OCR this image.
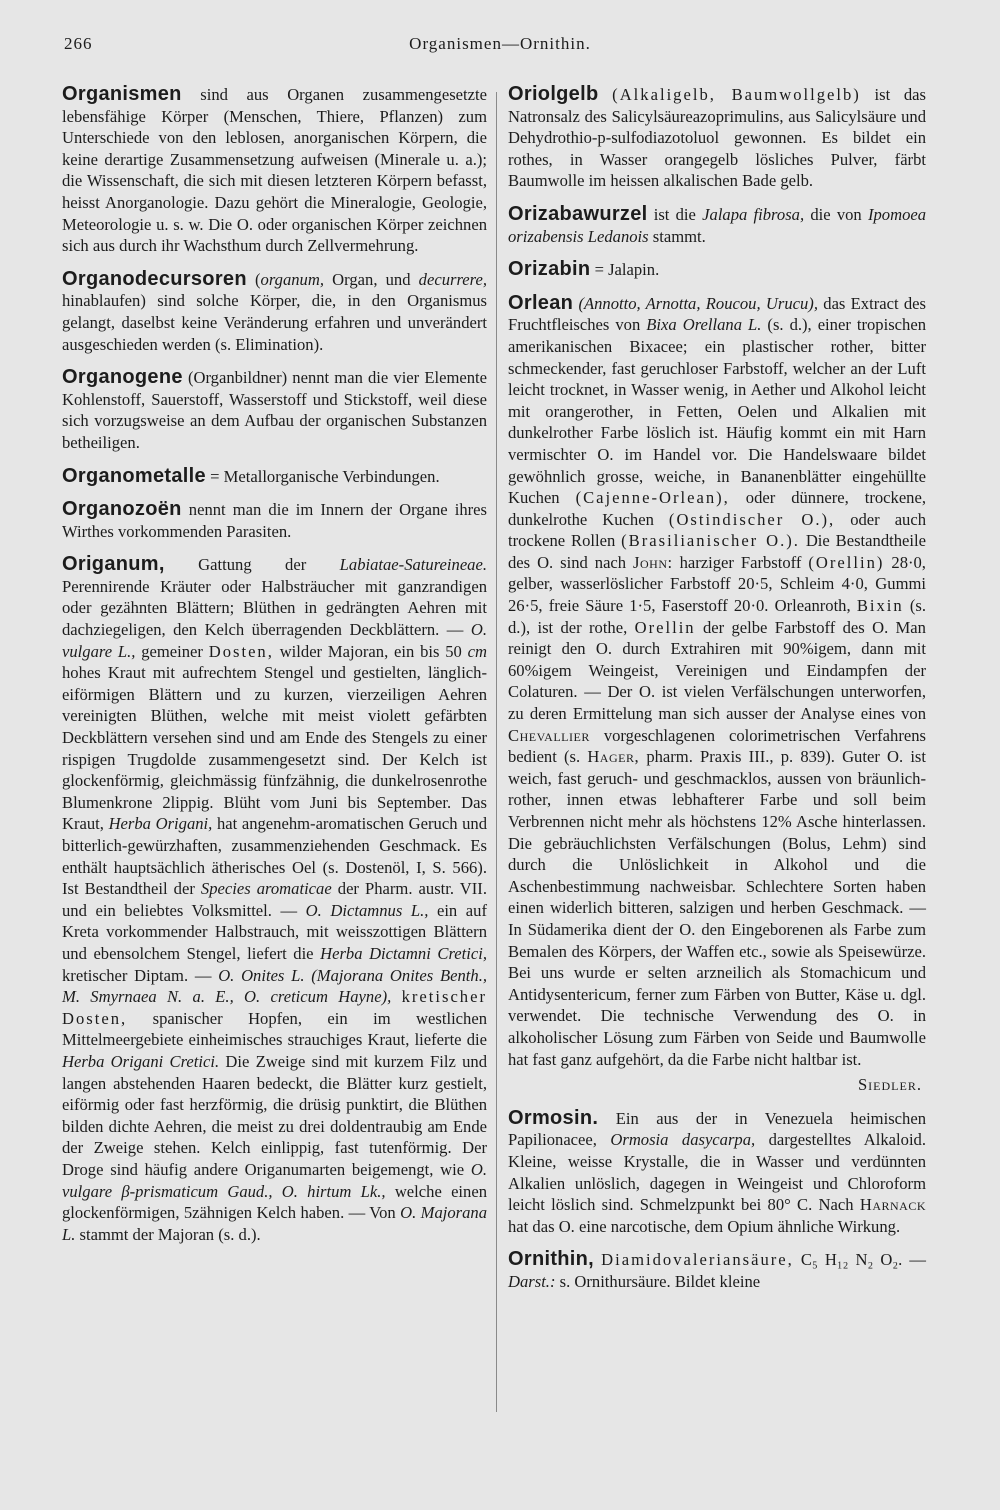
266	Organismen—Ornithin.

Organismen sind aus Organen zusammengesetzte lebensfähige Körper (Menschen, Thiere, Pflanzen) zum Unterschiede von den leblosen, anorganischen Körpern, die keine derartige Zusammensetzung aufweisen (Minerale u. a.); die Wissenschaft, die sich mit diesen letzteren Körpern befasst, heisst Anorganologie. Dazu gehört die Mineralogie, Geologie, Meteorologie u. s. w. Die O. oder organischen Körper zeichnen sich aus durch ihr Wachsthum durch Zellvermehrung.

Organodecursoren (organum, Organ, und decurrere, hinablaufen) sind solche Körper, die, in den Organismus gelangt, daselbst keine Veränderung erfahren und unverändert ausgeschieden werden (s. Elimination).

Organogene (Organbildner) nennt man die vier Elemente Kohlenstoff, Sauerstoff, Wasserstoff und Stickstoff, weil diese sich vorzugsweise an dem Aufbau der organischen Substanzen betheiligen.

Organometalle = Metallorganische Verbindungen.

Organozoën nennt man die im Innern der Organe ihres Wirthes vorkommenden Parasiten.

Origanum, Gattung der Labiatae-Satureineae. Perennirende Kräuter oder Halbsträucher mit ganzrandigen oder gezähnten Blättern; Blüthen in gedrängten Aehren mit dachziegeligen, den Kelch überragenden Deckblättern. — O. vulgare L., gemeiner Dosten, wilder Majoran, ein bis 50 cm hohes Kraut mit aufrechtem Stengel und gestielten, länglich-eiförmigen Blättern und zu kurzen, vierzeiligen Aehren vereinigten Blüthen, welche mit meist violett gefärbten Deckblättern versehen sind und am Ende des Stengels zu einer rispigen Trugdolde zusammengesetzt sind. Der Kelch ist glockenförmig, gleichmässig fünfzähnig, die dunkelrosenrothe Blumenkrone 2lippig. Blüht vom Juni bis September. Das Kraut, Herba Origani, hat angenehm-aromatischen Geruch und bitterlich-gewürzhaften, zusammenziehenden Geschmack. Es enthält hauptsächlich ätherisches Oel (s. Dostenöl, I, S. 566). Ist Bestandtheil der Species aromaticae der Pharm. austr. VII. und ein beliebtes Volksmittel. — O. Dictamnus L., ein auf Kreta vorkommender Halbstrauch, mit weisszottigen Blättern und ebensolchem Stengel, liefert die Herba Dictamni Cretici, kretischer Diptam. — O. Onites L. (Majorana Onites Benth., M. Smyrnaea N. a. E., O. creticum Hayne), kretischer Dosten, spanischer Hopfen, ein im westlichen Mittelmeergebiete einheimisches strauchiges Kraut, lieferte die Herba Origani Cretici. Die Zweige sind mit kurzem Filz und langen abstehenden Haaren bedeckt, die Blätter kurz gestielt, eiförmig oder fast herzförmig, die drüsig punktirt, die Blüthen bilden dichte Aehren, die meist zu drei doldentraubig am Ende der Zweige stehen. Kelch einlippig, fast tutenförmig. Der Droge sind häufig andere Origanumarten beigemengt, wie O. vulgare β-prismaticum Gaud., O. hirtum Lk., welche einen glockenförmigen, 5zähnigen Kelch haben. — Von O. Majorana L. stammt der Majoran (s. d.).

Oriolgelb (Alkaligelb, Baumwollgelb) ist das Natronsalz des Salicylsäureazoprimulins, aus Salicylsäure und Dehydrothio-p-sulfodiazotoluol gewonnen. Es bildet ein rothes, in Wasser orangegelb lösliches Pulver, färbt Baumwolle im heissen alkalischen Bade gelb.

Orizabawurzel ist die Jalapa fibrosa, die von Ipomoea orizabensis Ledanois stammt.

Orizabin = Jalapin.

Orlean (Annotto, Arnotta, Roucou, Urucu), das Extract des Fruchtfleisches von Bixa Orellana L. (s. d.), einer tropischen amerikanischen Bixacee; ein plastischer rother, bitter schmeckender, fast geruchloser Farbstoff, welcher an der Luft leicht trocknet, in Wasser wenig, in Aether und Alkohol leicht mit orangerother, in Fetten, Oelen und Alkalien mit dunkelrother Farbe löslich ist. Häufig kommt ein mit Harn vermischter O. im Handel vor. Die Handelswaare bildet gewöhnlich grosse, weiche, in Bananenblätter eingehüllte Kuchen (Cajenne-Orlean), oder dünnere, trockene, dunkelrothe Kuchen (Ostindischer O.), oder auch trockene Rollen (Brasilianischer O.). Die Bestandtheile des O. sind nach John: harziger Farbstoff (Orellin) 28·0, gelber, wasserlöslicher Farbstoff 20·5, Schleim 4·0, Gummi 26·5, freie Säure 1·5, Faserstoff 20·0. Orleanroth, Bixin (s. d.), ist der rothe, Orellin der gelbe Farbstoff des O. Man reinigt den O. durch Extrahiren mit 90%igem, dann mit 60%igem Weingeist, Vereinigen und Eindampfen der Colaturen. — Der O. ist vielen Verfälschungen unterworfen, zu deren Ermittelung man sich ausser der Analyse eines von Chevallier vorgeschlagenen colorimetrischen Verfahrens bedient (s. Hager, pharm. Praxis III., p. 839). Guter O. ist weich, fast geruch- und geschmacklos, aussen von bräunlich-rother, innen etwas lebhafterer Farbe und soll beim Verbrennen nicht mehr als höchstens 12% Asche hinterlassen. Die gebräuchlichsten Verfälschungen (Bolus, Lehm) sind durch die Unlöslichkeit in Alkohol und die Aschenbestimmung nachweisbar. Schlechtere Sorten haben einen widerlich bitteren, salzigen und herben Geschmack. — In Südamerika dient der O. den Eingeborenen als Farbe zum Bemalen des Körpers, der Waffen etc., sowie als Speisewürze. Bei uns wurde er selten arzneilich als Stomachicum und Antidysentericum, ferner zum Färben von Butter, Käse u. dgl. verwendet. Die technische Verwendung des O. in alkoholischer Lösung zum Färben von Seide und Baumwolle hat fast ganz aufgehört, da die Farbe nicht haltbar ist.

Siedler.

Ormosin. Ein aus der in Venezuela heimischen Papilionacee, Ormosia dasycarpa, dargestelltes Alkaloid. Kleine, weisse Krystalle, die in Wasser und verdünnten Alkalien unlöslich, dagegen in Weingeist und Chloroform leicht löslich sind. Schmelzpunkt bei 80° C. Nach Harnack hat das O. eine narcotische, dem Opium ähnliche Wirkung.

Ornithin, Diamidovaleriansäure, C₅ H₁₂ N₂ O₂. — Darst.: s. Ornithursäure. Bildet kleine
